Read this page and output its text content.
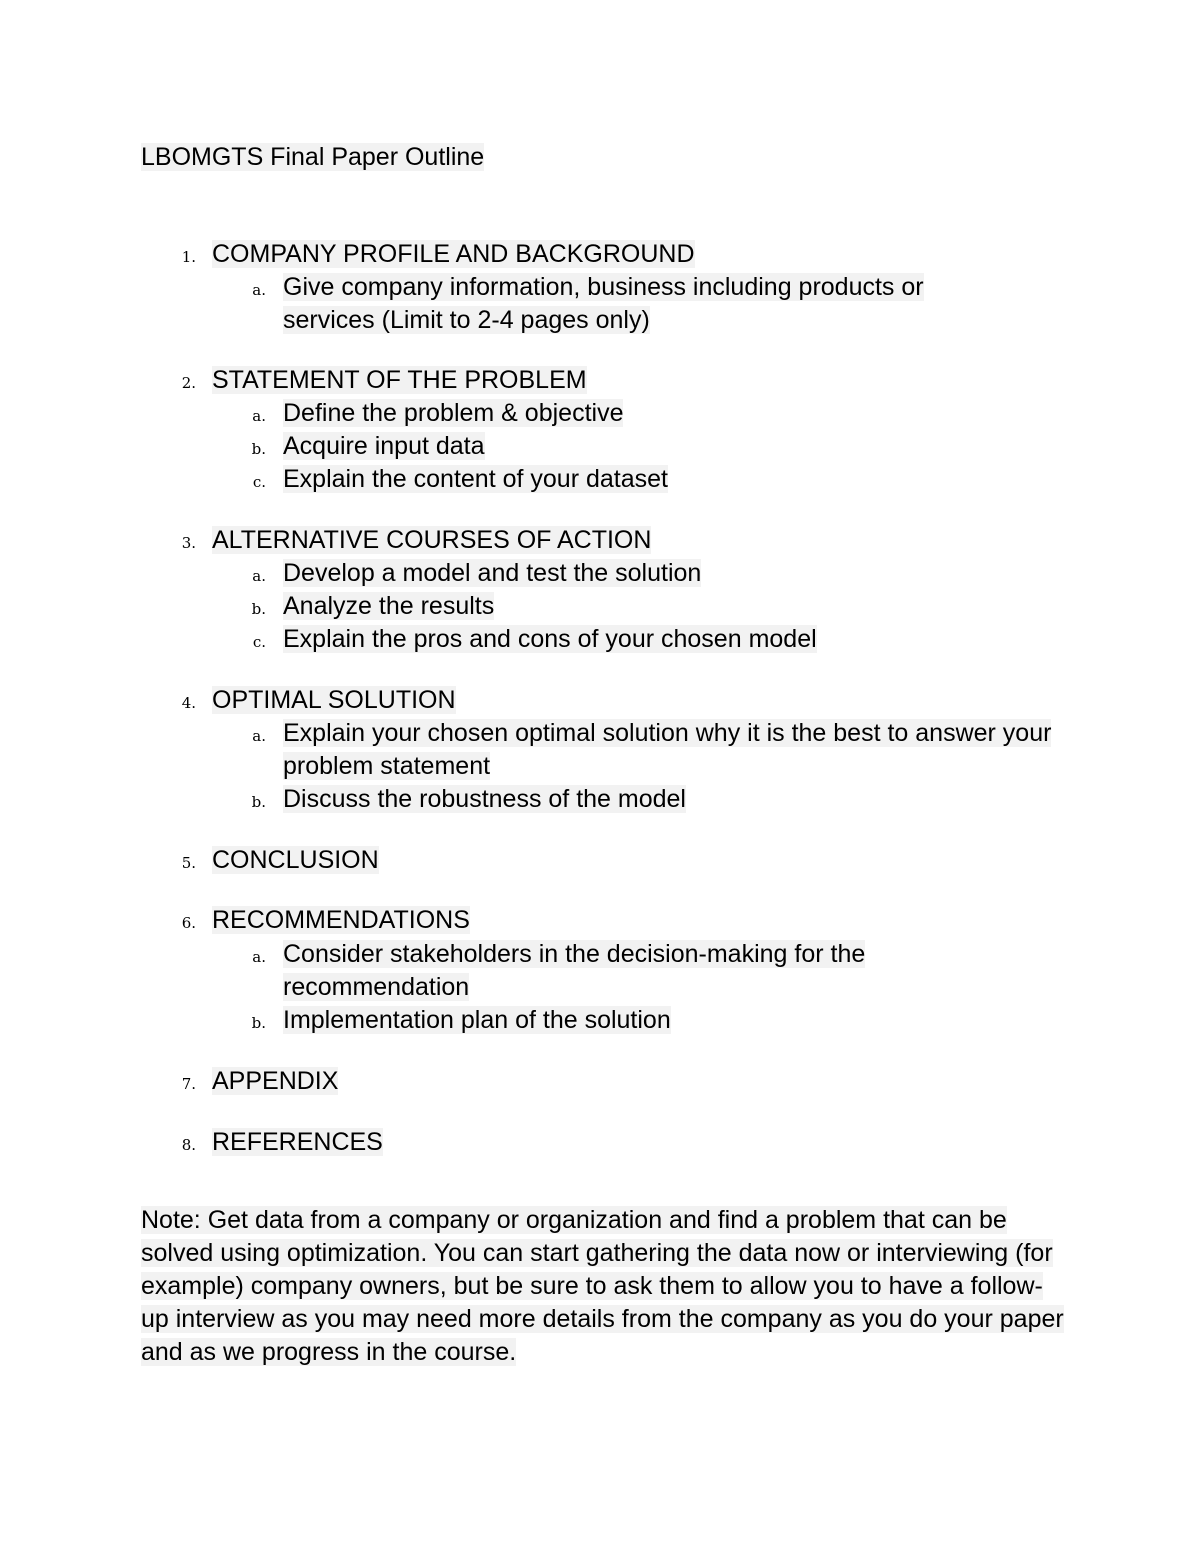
LBOMGTS Final Paper Outline
1. COMPANY PROFILE AND BACKGROUND
a. Give company information, business including products or services (Limit to 2-4 pages only)

2. STATEMENT OF THE PROBLEM
a. Define the problem & objective

b. Acquire input data

c. Explain the content of your dataset

3. ALTERNATIVE COURSES OF ACTION
a. Develop a model and test the solution

b. Analyze the results

c. Explain the pros and cons of your chosen model

4. OPTIMAL SOLUTION
a. Explain your chosen optimal solution why it is the best to answer your problem statement

b. Discuss the robustness of the model

5. CONCLUSION
6. RECOMMENDATIONS
a. Consider stakeholders in the decision-making for the recommendation

b. Implementation plan of the solution

7. APPENDIX
8. REFERENCES

Note: Get data from a company or organization and find a problem that can be solved using optimization. You can start gathering the data now or interviewing (for example) company owners, but be sure to ask them to allow you to have a follow-up interview as you may need more details from the company as you do your paper and as we progress in the course.
